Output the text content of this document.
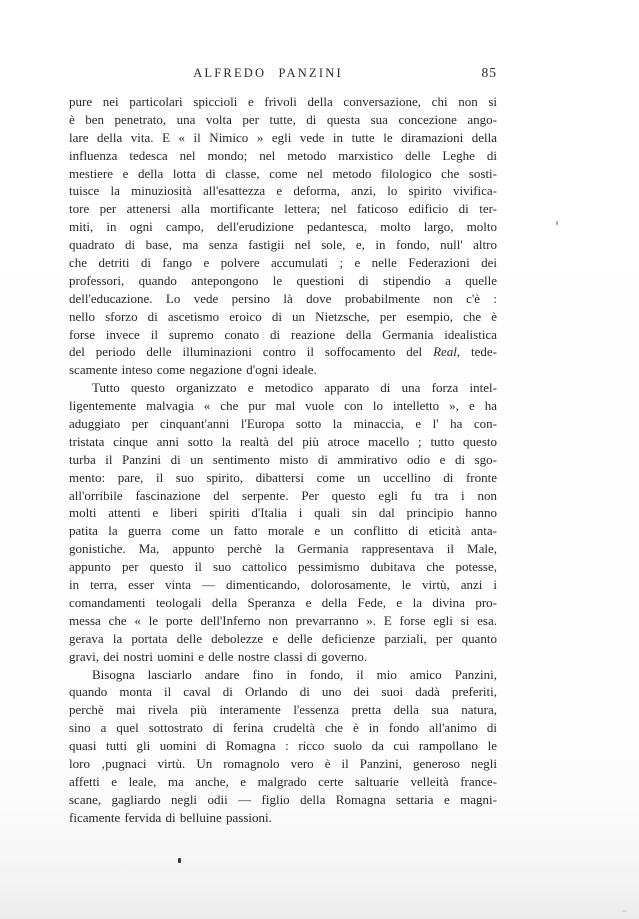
ALFREDO PANZINI	85

pure nei particolari spiccioli e frivoli della conversazione, chi non si
è ben penetrato, una volta per tutte, di questa sua concezione ango-
lare della vita. E « il Nimico » egli vede in tutte le diramazioni della
influenza tedesca nel mondo; nel metodo marxistico delle Leghe di
mestiere e della lotta di classe, come nel metodo filologico che sosti-
tuisce la minuziosità all'esattezza e deforma, anzi, lo spirito vivifica-
tore per attenersi alla mortificante lettera; nel faticoso edificio di ter-
miti, in ogni campo, dell'erudizione pedantesca, molto largo, molto
quadrato di base, ma senza fastigii nel sole, e, in fondo, null' altro
che detriti di fango e polvere accumulati ; e nelle Federazioni dei
professori, quando antepongono le questioni di stipendio a quelle
dell'educazione. Lo vede persino là dove probabilmente non c'è :
nello sforzo di ascetismo eroico di un Nietzsche, per esempio, che è
forse invece il supremo conato di reazione della Germania idealistica
del periodo delle illuminazioni contro il soffocamento del Real, tede-
scamente inteso come negazione d'ogni ideale.

Tutto questo organizzato e metodico apparato di una forza intel-
ligentemente malvagia « che pur mal vuole con lo intelletto », e ha
aduggiato per cinquant'anni l'Europa sotto la minaccia, e l' ha con-
tristata cinque anni sotto la realtà del più atroce macello ; tutto questo
turba il Panzini di un sentimento misto di ammirativo odio e di sgo-
mento: pare, il suo spirito, dibattersi come un uccellino di fronte
all'orribile fascinazione del serpente. Per questo egli fu tra i non
molti attenti e liberi spiriti d'Italia i quali sin dal principio hanno
patita la guerra come un fatto morale e un conflitto di eticità anta-
gonistiche. Ma, appunto perchè la Germania rappresentava il Male,
appunto per questo il suo cattolico pessimismo dubitava che potesse,
in terra, esser vinta — dimenticando, dolorosamente, le virtù, anzi i
comandamenti teologali della Speranza e della Fede, e la divina pro-
messa che « le porte dell'Inferno non prevarranno ». E forse egli si esa.
gerava la portata delle debolezze e delle deficienze parziali, per quanto
gravi, dei nostri uomini e delle nostre classi di governo.

Bisogna lasciarlo andare fino in fondo, il mio amico Panzini,
quando monta il caval di Orlando di uno dei suoi dadà preferiti,
perchè mai rivela più interamente l'essenza pretta della sua natura,
sino a quel sottostrato di ferina crudeltà che è in fondo all'animo di
quasi tutti gli uomini di Romagna : ricco suolo da cui rampollano le
loro ‚pugnaci virtù. Un romagnolo vero è il Panzini, generoso negli
affetti e leale, ma anche, e malgrado certe saltuarie velleità france-
scane, gagliardo negli odii — figlio della Romagna settaria e magni-
ficamente fervida di belluine passioni.
